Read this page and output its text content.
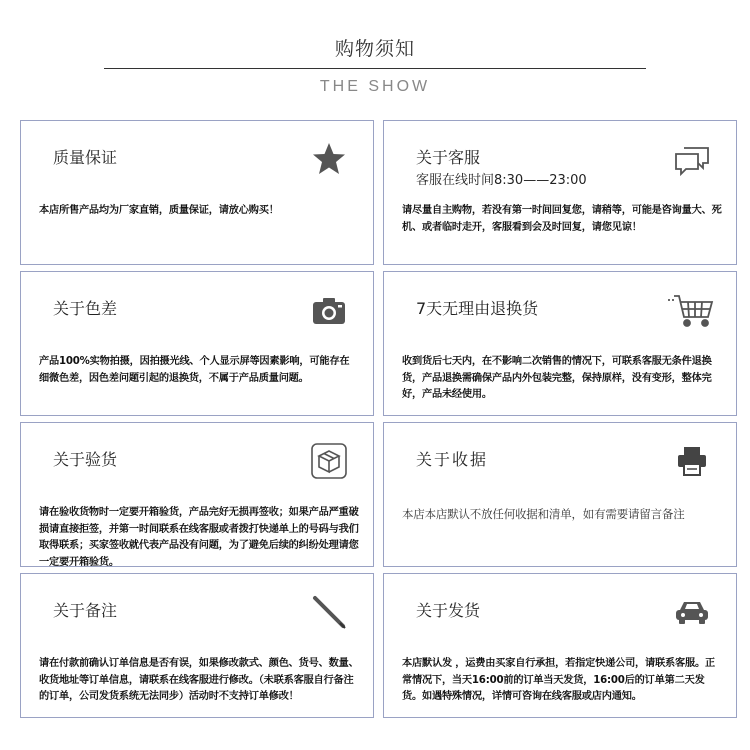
购物须知
THE SHOW
质量保证
本店所售产品均为厂家直销，质量保证，请放心购买！
关于客服
客服在线时间8:30——23:00
请尽量自主购物，若没有第一时间回复您，请稍等，可能是咨询量大、死机、或者临时走开，客服看到会及时回复，请您见谅！
关于色差
产品100%实物拍摄，因拍摄光线、个人显示屏等因素影响，可能存在细微色差，因色差问题引起的退换货，不属于产品质量问题。
7天无理由退换货
收到货后七天内，在不影响二次销售的情况下，可联系客服无条件退换货，产品退换需确保产品内外包装完整，保持原样，没有变形，整体完好，产品未经使用。
关于验货
请在验收货物时一定要开箱验货，产品完好无损再签收；如果产品严重破损请直接拒签，并第一时间联系在线客服或者拨打快递单上的号码与我们取得联系；买家签收就代表产品没有问题，为了避免后续的纠纷处理请您一定要开箱验货。
关于收据
本店本店默认不放任何收据和清单，如有需要请留言备注
关于备注
请在付款前确认订单信息是否有误，如果修改款式、颜色、货号、数量、收货地址等订单信息，请联系在线客服进行修改。（未联系客服自行备注的订单，公司发货系统无法同步）活动时不支持订单修改！
关于发货
本店默认发 ，运费由买家自行承担，若指定快递公司，请联系客服。正常情况下，当天16:00前的订单当天发货，16:00后的订单第二天发货。如遇特殊情况，详情可咨询在线客服或店内通知。
